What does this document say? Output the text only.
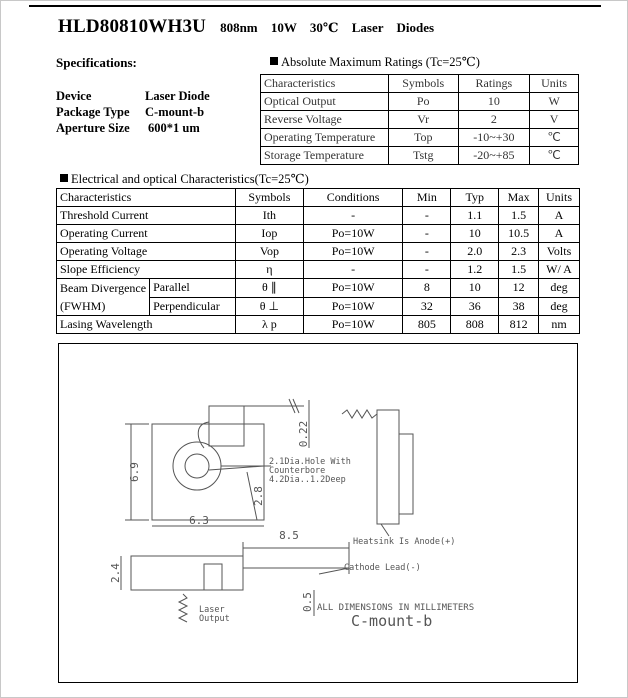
HLD80810WH3U 808nm 10W 30℃ Laser Diodes
Specifications:
Device	Laser Diode
Package Type C-mount-b
Aperture Size 600*1 um
Absolute Maximum Ratings (Tc=25℃)
Characteristics	Symbols	Ratings	Units
Optical Output	Po	10	W
Reverse Voltage	Vr	2	V
Operating Temperature	Top	-10~+30	℃
Storage Temperature	Tstg	-20~+85	℃
Electrical and optical Characteristics(Tc=25℃)
Characteristics		Symbols	Conditions	Min	Typ	Max	Units
Threshold Current		Ith	-	-	1.1	1.5	A
Operating Current		Iop	Po=10W	-	10	10.5	A
Operating Voltage		Vop	Po=10W	-	2.0	2.3	Volts
Slope Efficiency		η	-	-	1.2	1.5	W/ A
Beam Divergence
(FWHM)	Parallel	θ ∥	Po=10W	8	10	12	deg
	Perpendicular	θ ⊥	Po=10W	32	36	38	deg
Lasing Wavelength		λ p	Po=10W	805	808	812	nm
2.1Dia.Hole With
Counterbore
4.2Dia..1.2Deep
6.3
8.5	Heatsink Is Anode(+)
Cathode Lead(-)
Laser
Output
ALL DIMENSIONS IN MILLIMETERS
C-mount-b
6.9
2.8
0.22
2.4
0.5
